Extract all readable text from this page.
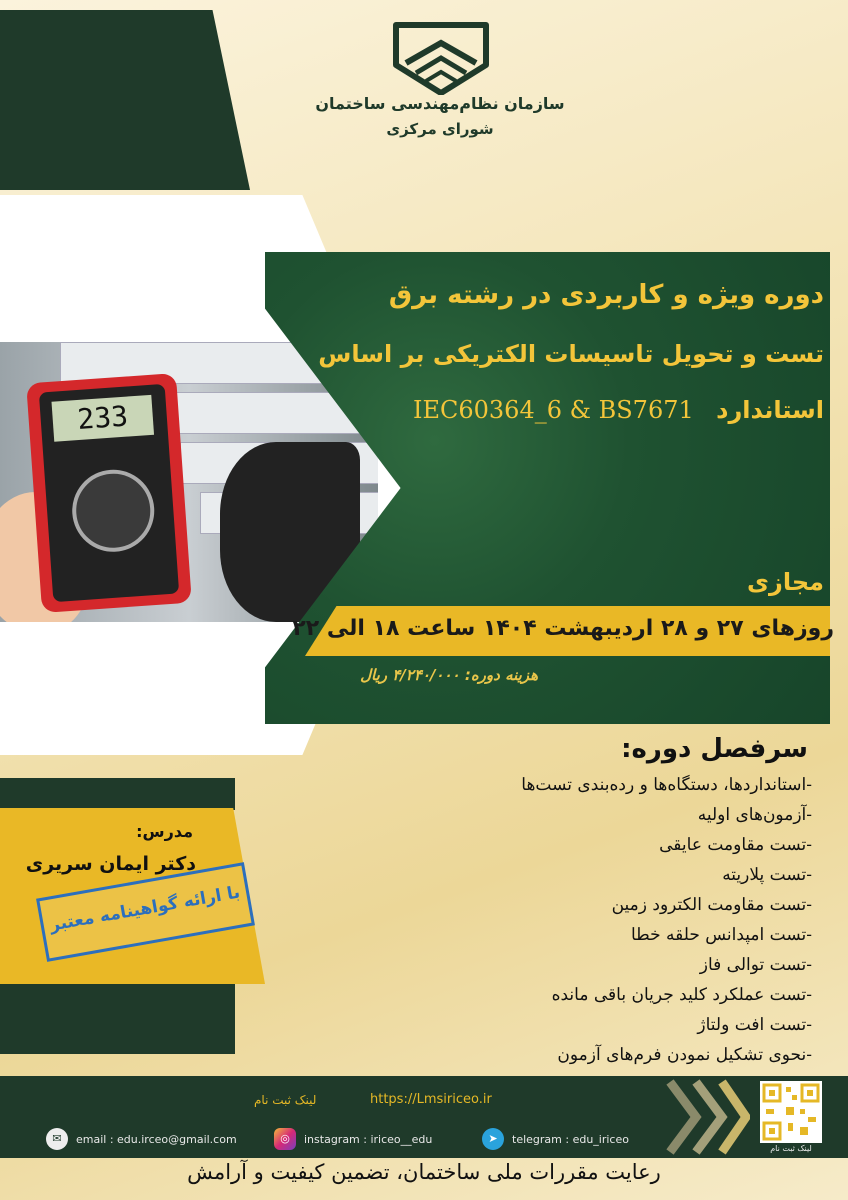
سازمان نظام‌مهندسی ساختمان
شورای مرکزی
233
دوره ویژه و کاربردی در رشته برق
تست و تحویل تاسیسات الکتریکی بر اساس
استاندارد IEC60364_6 & BS7671
مجازی
روزهای ۲۷ و ۲۸ اردیبهشت ۱۴۰۴ ساعت ۱۸ الی ۲۲
هزینه دوره: ۴/۲۴۰/۰۰۰ ریال
سرفصل دوره:
-استانداردها، دستگاه‌ها و رده‌بندی تست‌ها
-آزمون‌های اولیه
-تست مقاومت عایقی
-تست پلاریته
-تست مقاومت الکترود زمین
-تست امپدانس حلقه خطا
-تست توالی فاز
-تست عملکرد کلید جریان باقی مانده
-تست افت ولتاژ
-نحوی تشکیل نمودن فرم‌های آزمون
مدرس:
دکتر ایمان سریری
با ارائه گواهینامه معتبر
لینک ثبت نام
لینک ثبت نام	https://Lmsiriceo.ir
✉	email : edu.irceo@gmail.com	◎	instagram : iriceo__edu	➤	telegram : edu_iriceo
رعایت مقررات ملی ساختمان، تضمین کیفیت و آرامش
